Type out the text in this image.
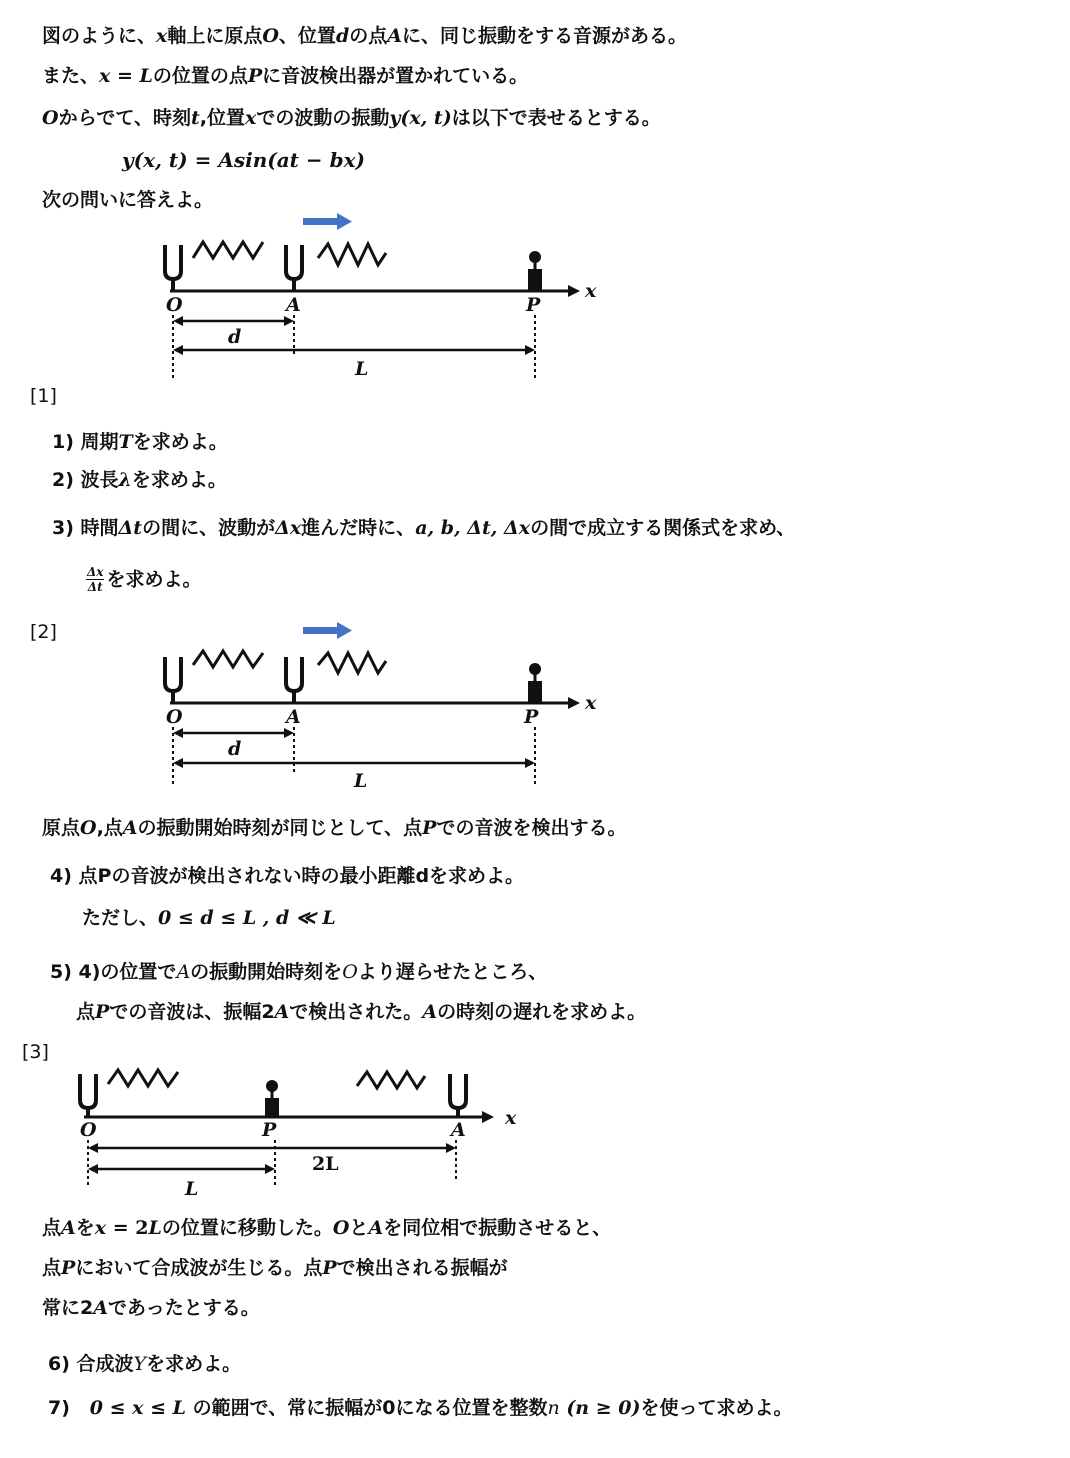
図のように、x軸上に原点O、位置dの点Aに、同じ振動をする音源がある。
また、x = Lの位置の点Pに音波検出器が置かれている。
Oからでて、時刻t,位置xでの波動の振動y(x, t)は以下で表せるとする。
y(x, t) = Asin(at − bx)
次の問いに答えよ。
x
O	A	P
d
L
[1]
1) 周期Tを求めよ。
2) 波長λを求めよ。
3) 時間Δtの間に、波動がΔx進んだ時に、a, b, Δt, Δxの間で成立する関係式を求め、
$\frac{\Delta x}{\Delta t}$ を求めよ。
[2]
x
O	A	P
d
L
原点O,点Aの振動開始時刻が同じとして、点Pでの音波を検出する。
4) 点Pの音波が検出されない時の最小距離dを求めよ。
ただし、0 ≤ d ≤ L , d ≪ L
5) 4)の位置でAの振動開始時刻をOより遅らせたところ、
点Pでの音波は、振幅2Aで検出された。Aの時刻の遅れを求めよ。
[3]
x
O	P	A
2L
L
点Aをx = 2Lの位置に移動した。OとAを同位相で振動させると、
点Pにおいて合成波が生じる。点Pで検出される振幅が
常に2Aであったとする。
6) 合成波Yを求めよ。
7) 0 ≤ x ≤ L の範囲で、常に振幅が0になる位置を整数n (n ≥ 0)を使って求めよ。
